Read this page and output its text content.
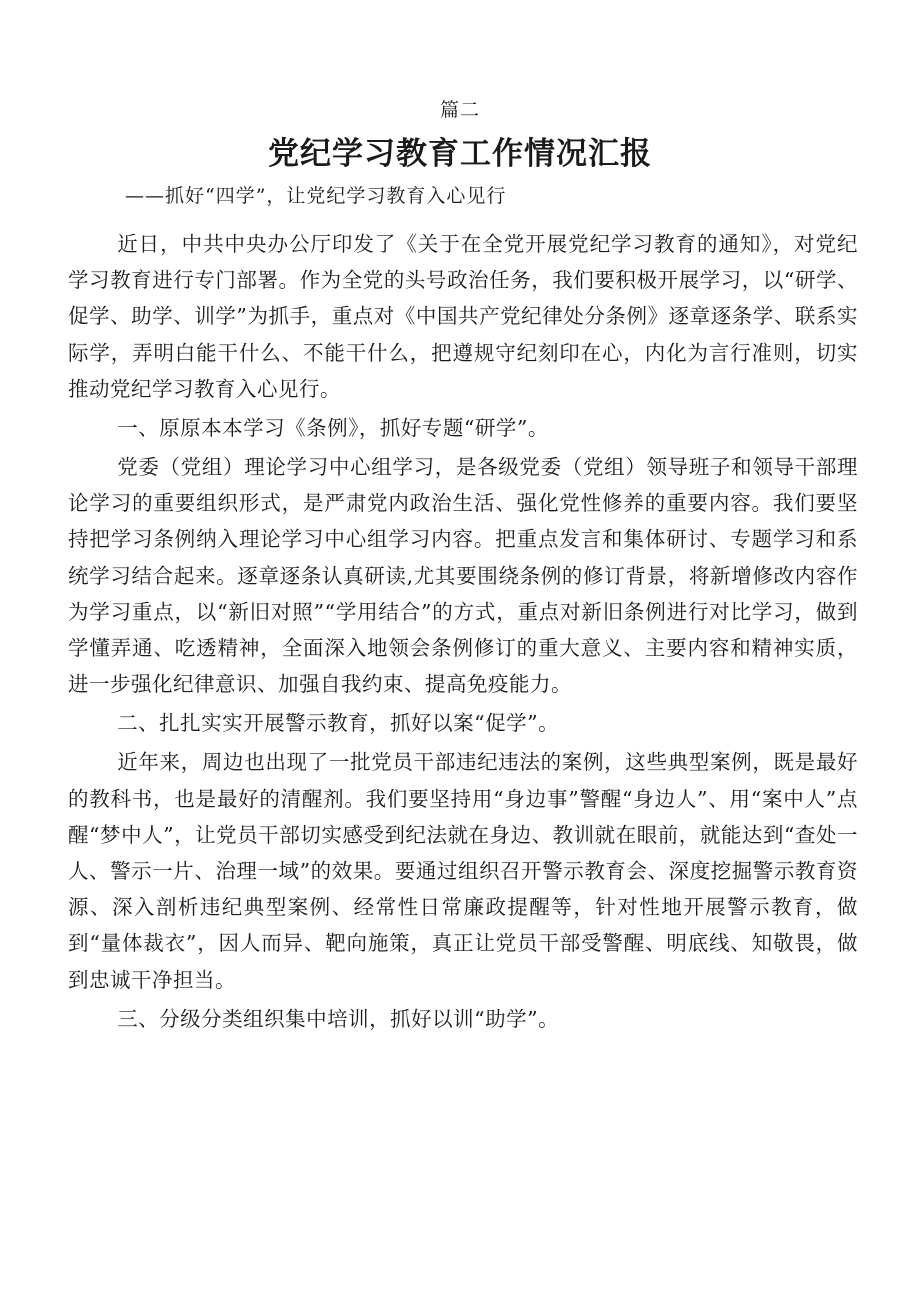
篇二
党纪学习教育工作情况汇报
——抓好“四学”，让党纪学习教育入心见行

近日，中共中央办公厅印发了《关于在全党开展党纪学习教育的通知》，对党纪学习教育进行专门部署。作为全党的头号政治任务，我们要积极开展学习，以“研学、促学、助学、训学”为抓手，重点对《中国共产党纪律处分条例》逐章逐条学、联系实际学，弄明白能干什么、不能干什么，把遵规守纪刻印在心，内化为言行准则，切实推动党纪学习教育入心见行。

一、原原本本学习《条例》，抓好专题“研学”。

党委（党组）理论学习中心组学习，是各级党委（党组）领导班子和领导干部理论学习的重要组织形式，是严肃党内政治生活、强化党性修养的重要内容。我们要坚持把学习条例纳入理论学习中心组学习内容。把重点发言和集体研讨、专题学习和系统学习结合起来。逐章逐条认真研读,尤其要围绕条例的修订背景，将新增修改内容作为学习重点，以“新旧对照”“学用结合”的方式，重点对新旧条例进行对比学习，做到学懂弄通、吃透精神，全面深入地领会条例修订的重大意义、主要内容和精神实质，进一步强化纪律意识、加强自我约束、提高免疫能力。

二、扎扎实实开展警示教育，抓好以案“促学”。

近年来，周边也出现了一批党员干部违纪违法的案例，这些典型案例，既是最好的教科书，也是最好的清醒剂。我们要坚持用“身边事”警醒“身边人”、用“案中人”点醒“梦中人”，让党员干部切实感受到纪法就在身边、教训就在眼前，就能达到“查处一人、警示一片、治理一域”的效果。要通过组织召开警示教育会、深度挖掘警示教育资源、深入剖析违纪典型案例、经常性日常廉政提醒等，针对性地开展警示教育，做到“量体裁衣”，因人而异、靶向施策，真正让党员干部受警醒、明底线、知敬畏，做到忠诚干净担当。

三、分级分类组织集中培训，抓好以训“助学”。
